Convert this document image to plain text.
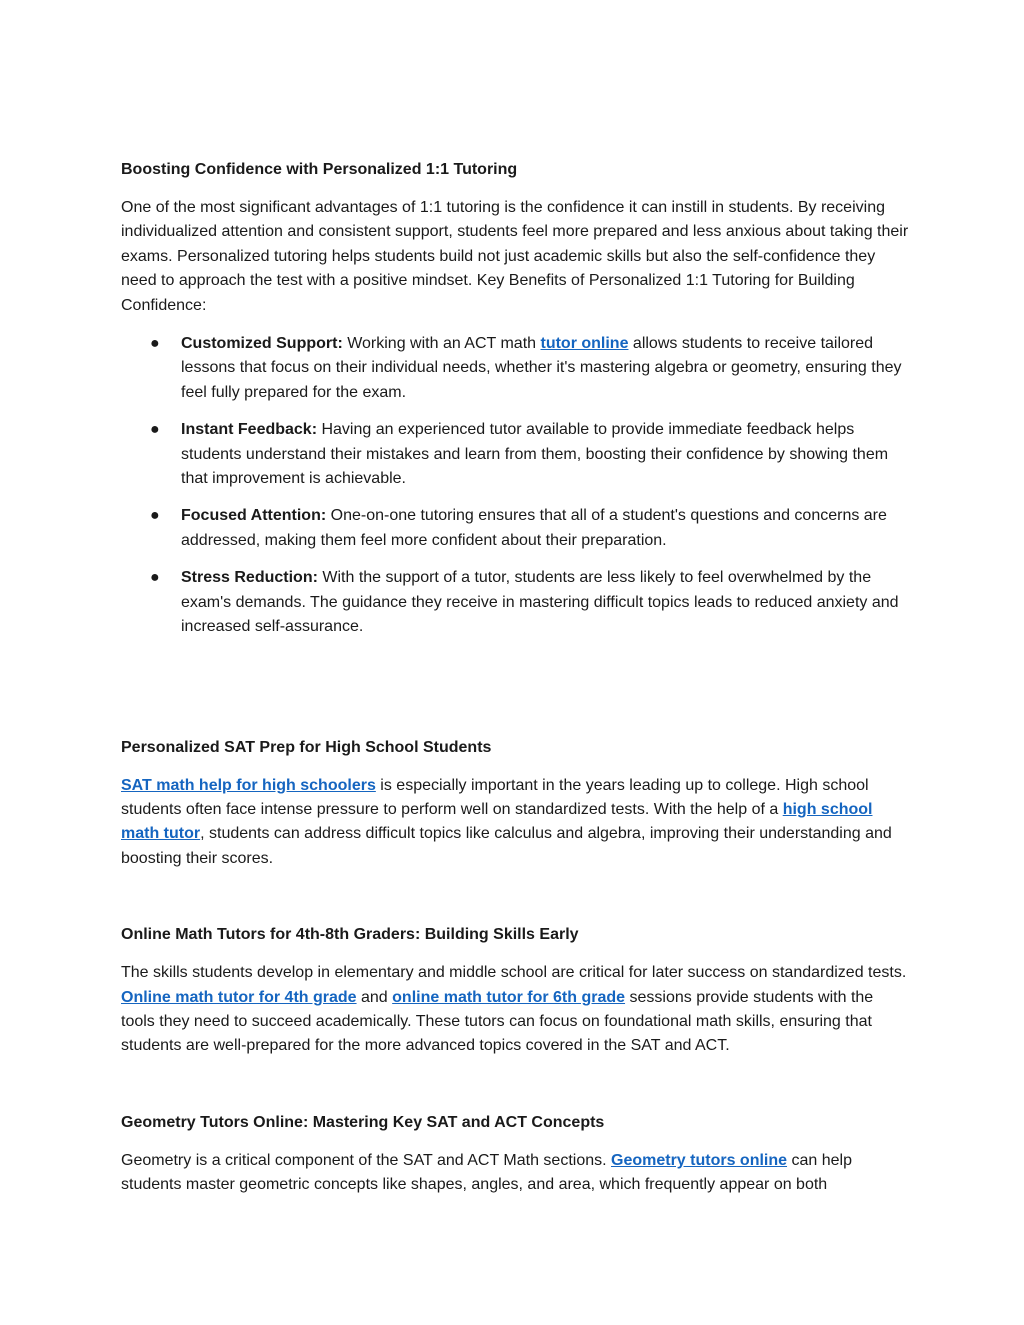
Boosting Confidence with Personalized 1:1 Tutoring

One of the most significant advantages of 1:1 tutoring is the confidence it can instill in students. By receiving individualized attention and consistent support, students feel more prepared and less anxious about taking their exams. Personalized tutoring helps students build not just academic skills but also the self-confidence they need to approach the test with a positive mindset. Key Benefits of Personalized 1:1 Tutoring for Building Confidence:

● Customized Support: Working with an ACT math tutor online allows students to receive tailored lessons that focus on their individual needs, whether it's mastering algebra or geometry, ensuring they feel fully prepared for the exam.
● Instant Feedback: Having an experienced tutor available to provide immediate feedback helps students understand their mistakes and learn from them, boosting their confidence by showing them that improvement is achievable.
● Focused Attention: One-on-one tutoring ensures that all of a student's questions and concerns are addressed, making them feel more confident about their preparation.
● Stress Reduction: With the support of a tutor, students are less likely to feel overwhelmed by the exam's demands. The guidance they receive in mastering difficult topics leads to reduced anxiety and increased self-assurance.
Personalized SAT Prep for High School Students

SAT math help for high schoolers is especially important in the years leading up to college. High school students often face intense pressure to perform well on standardized tests. With the help of a high school math tutor, students can address difficult topics like calculus and algebra, improving their understanding and boosting their scores.

Online Math Tutors for 4th-8th Graders: Building Skills Early

The skills students develop in elementary and middle school are critical for later success on standardized tests. Online math tutor for 4th grade and online math tutor for 6th grade sessions provide students with the tools they need to succeed academically. These tutors can focus on foundational math skills, ensuring that students are well-prepared for the more advanced topics covered in the SAT and ACT.

Geometry Tutors Online: Mastering Key SAT and ACT Concepts

Geometry is a critical component of the SAT and ACT Math sections. Geometry tutors online can help students master geometric concepts like shapes, angles, and area, which frequently appear on both
